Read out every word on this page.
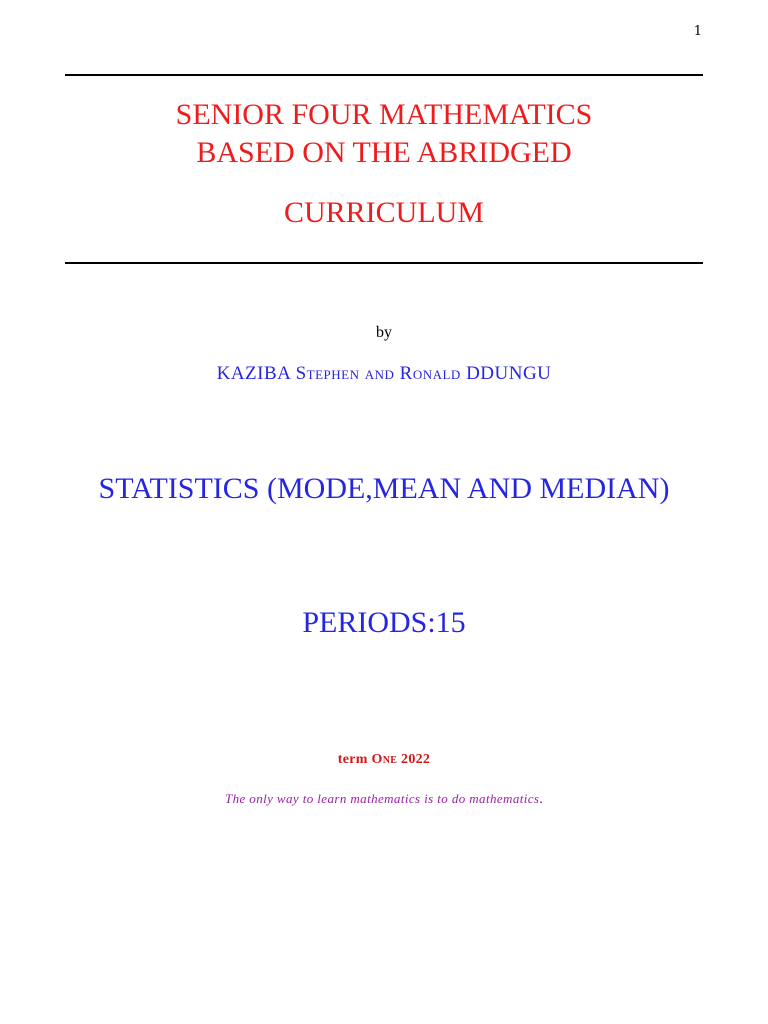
1
SENIOR FOUR MATHEMATICS
BASED ON THE ABRIDGED
CURRICULUM
by
KAZIBA Stephen and Ronald DDUNGU
STATISTICS (MODE,MEAN AND MEDIAN)
PERIODS:15
term One 2022
The only way to learn mathematics is to do mathematics.
